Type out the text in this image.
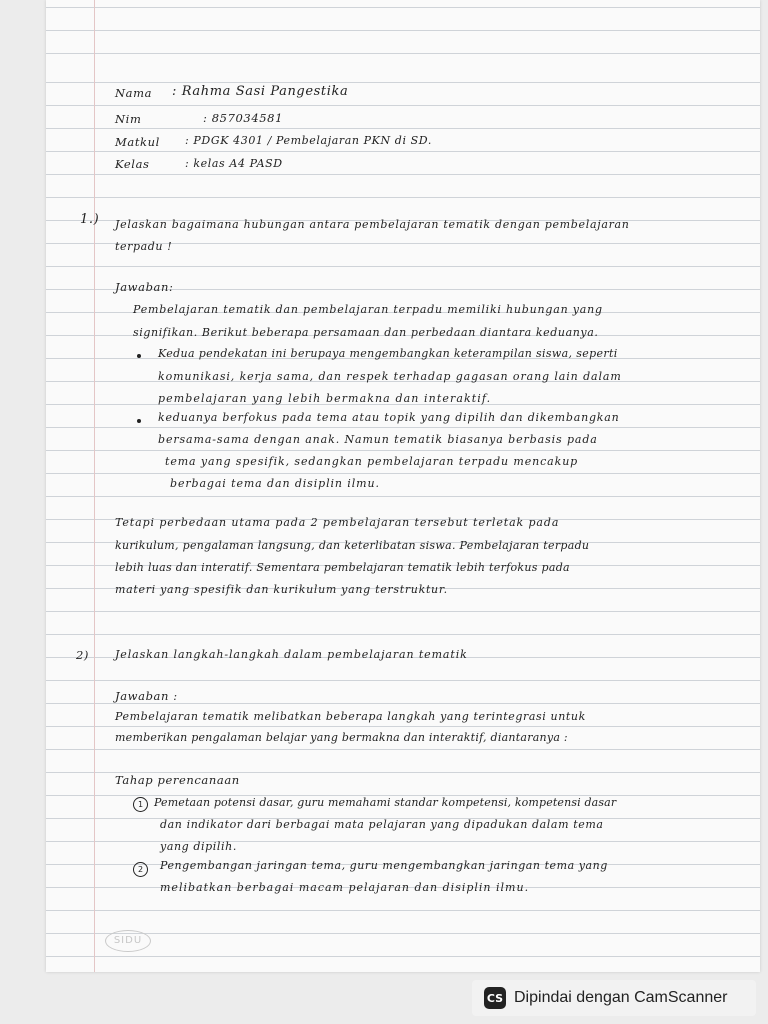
Nama : Rahma Sasi Pangestika
Nim	: 857034581
Matkul : PDGK 4301 / Pembelajaran PKN di SD.
Kelas	: kelas A4 PASD
1.) Jelaskan bagaimana hubungan antara pembelajaran tematik dengan pembelajaran
terpadu !
Jawaban:
Pembelajaran tematik dan pembelajaran terpadu memiliki hubungan yang
signifikan. Berikut beberapa persamaan dan perbedaan diantara keduanya.
Kedua pendekatan ini berupaya mengembangkan keterampilan siswa, seperti
komunikasi, kerja sama, dan respek terhadap gagasan orang lain dalam
pembelajaran yang lebih bermakna dan interaktif.
keduanya berfokus pada tema atau topik yang dipilih dan dikembangkan
bersama-sama dengan anak. Namun tematik biasanya berbasis pada
tema yang spesifik, sedangkan pembelajaran terpadu mencakup
berbagai tema dan disiplin ilmu.
Tetapi perbedaan utama pada 2 pembelajaran tersebut terletak pada
kurikulum, pengalaman langsung, dan keterlibatan siswa. Pembelajaran terpadu
lebih luas dan interatif. Sementara pembelajaran tematik lebih terfokus pada
materi yang spesifik dan kurikulum yang terstruktur.
2) Jelaskan langkah-langkah dalam pembelajaran tematik
Jawaban :
Pembelajaran tematik melibatkan beberapa langkah yang terintegrasi untuk
memberikan pengalaman belajar yang bermakna dan interaktif, diantaranya :
Tahap perencanaan
1 Pemetaan potensi dasar, guru memahami standar kompetensi, kompetensi dasar
dan indikator dari berbagai mata pelajaran yang dipadukan dalam tema
yang dipilih.
2	Pengembangan jaringan tema, guru mengembangkan jaringan tema yang
melibatkan berbagai macam pelajaran dan disiplin ilmu.
SIDU
CS Dipindai dengan CamScanner
